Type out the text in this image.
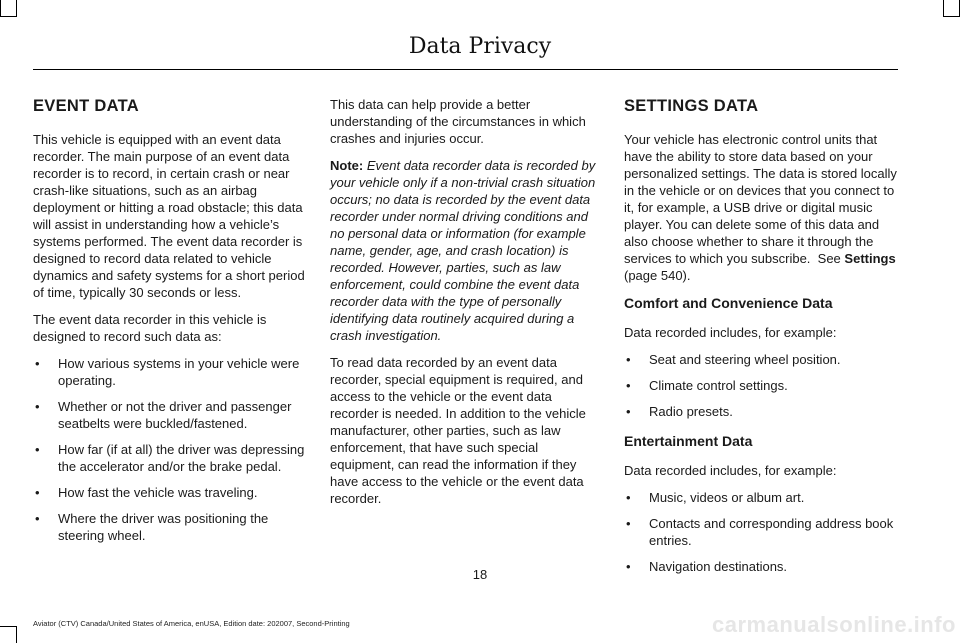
Data Privacy
EVENT DATA

This vehicle is equipped with an event data recorder. The main purpose of an event data recorder is to record, in certain crash or near crash-like situations, such as an airbag deployment or hitting a road obstacle; this data will assist in understanding how a vehicle’s systems performed. The event data recorder is designed to record data related to vehicle dynamics and safety systems for a short period of time, typically 30 seconds or less.

The event data recorder in this vehicle is designed to record such data as:

• How various systems in your vehicle were operating.
• Whether or not the driver and passenger seatbelts were buckled/fastened.
• How far (if at all) the driver was depressing the accelerator and/or the brake pedal.
• How fast the vehicle was traveling.
• Where the driver was positioning the steering wheel.

This data can help provide a better understanding of the circumstances in which crashes and injuries occur.

Note: Event data recorder data is recorded by your vehicle only if a non-trivial crash situation occurs; no data is recorded by the event data recorder under normal driving conditions and no personal data or information (for example name, gender, age, and crash location) is recorded. However, parties, such as law enforcement, could combine the event data recorder data with the type of personally identifying data routinely acquired during a crash investigation.

To read data recorded by an event data recorder, special equipment is required, and access to the vehicle or the event data recorder is needed. In addition to the vehicle manufacturer, other parties, such as law enforcement, that have such special equipment, can read the information if they have access to the vehicle or the event data recorder.

SETTINGS DATA

Your vehicle has electronic control units that have the ability to store data based on your personalized settings. The data is stored locally in the vehicle or on devices that you connect to it, for example, a USB drive or digital music player. You can delete some of this data and also choose whether to share it through the services to which you subscribe. See Settings (page 540).

Comfort and Convenience Data

Data recorded includes, for example:

• Seat and steering wheel position.
• Climate control settings.
• Radio presets.
Entertainment Data

Data recorded includes, for example:

• Music, videos or album art.
• Contacts and corresponding address book entries.
• Navigation destinations.
18
Aviator (CTV) Canada/United States of America, enUSA, Edition date: 202007, Second-Printing	carmanualsonline.info
